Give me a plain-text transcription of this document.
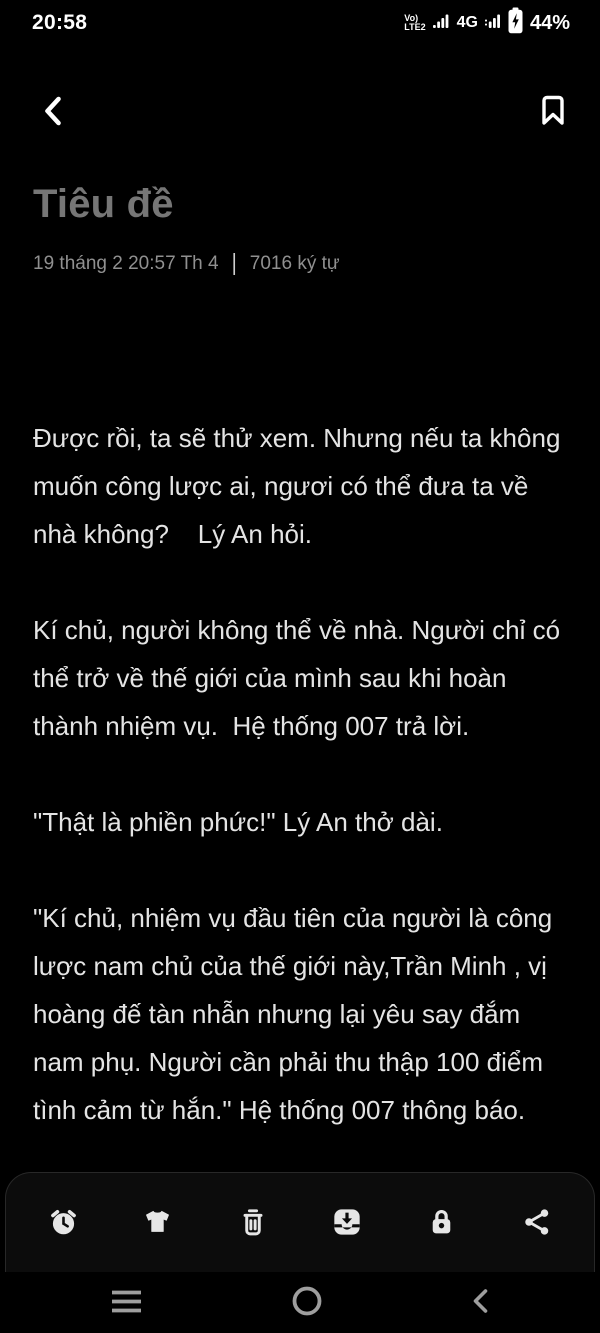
20:58	Vo)
LTE2 4G	44%
Tiêu đề
19 tháng 2 20:57 Th 4 | 7016 ký tự

Được rồi, ta sẽ thử xem. Nhưng nếu ta không muốn công lược ai, ngươi có thể đưa ta về nhà không?    Lý An hỏi.

Kí chủ, người không thể về nhà. Người chỉ có thể trở về thế giới của mình sau khi hoàn thành nhiệm vụ.  Hệ thống 007 trả lời.

"Thật là phiền phức!" Lý An thở dài.

"Kí chủ, nhiệm vụ đầu tiên của người là công lược nam chủ của thế giới này,Trần Minh , vị hoàng đế tàn nhẫn nhưng lại yêu say đắm nam phụ. Người cần phải thu thập 100 điểm tình cảm từ hắn." Hệ thống 007 thông báo.
